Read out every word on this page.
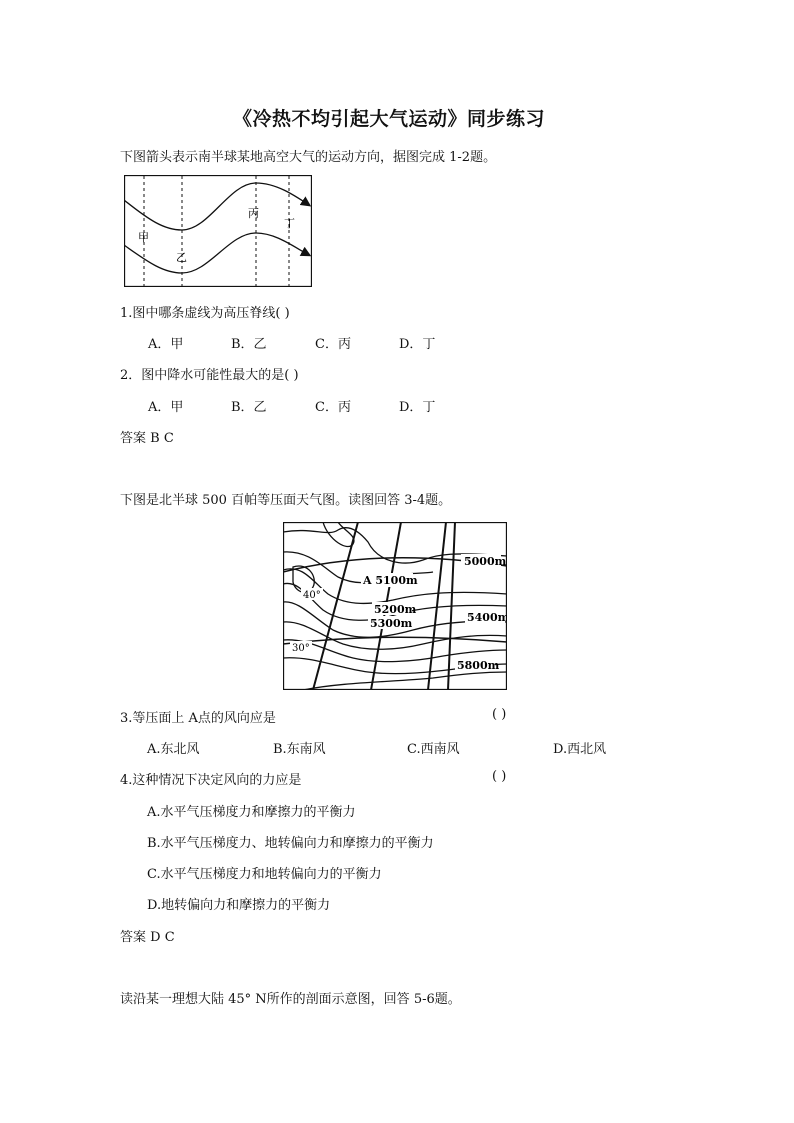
《冷热不均引起大气运动》同步练习
下图箭头表示南半球某地高空大气的运动方向，据图完成 1-2题。
甲
乙
丙
丁
1.图中哪条虚线为高压脊线( )
A．甲	B．乙	C．丙	D．丁
2．图中降水可能性最大的是( )
A．甲	B．乙	C．丙	D．丁
答案 B C
下图是北半球 500 百帕等压面天气图。读图回答 3-4题。
5000m
A 5100m
40°
5200m
5300m	5400m
30°
5800m
3.等压面上 A点的风向应是	( )
A.东北风	B.东南风	C.西南风	D.西北风
4.这种情况下决定风向的力应是	( )
A.水平气压梯度力和摩擦力的平衡力
B.水平气压梯度力、地转偏向力和摩擦力的平衡力
C.水平气压梯度力和地转偏向力的平衡力
D.地转偏向力和摩擦力的平衡力
答案 D C
读沿某一理想大陆 45° N所作的剖面示意图，回答 5-6题。
